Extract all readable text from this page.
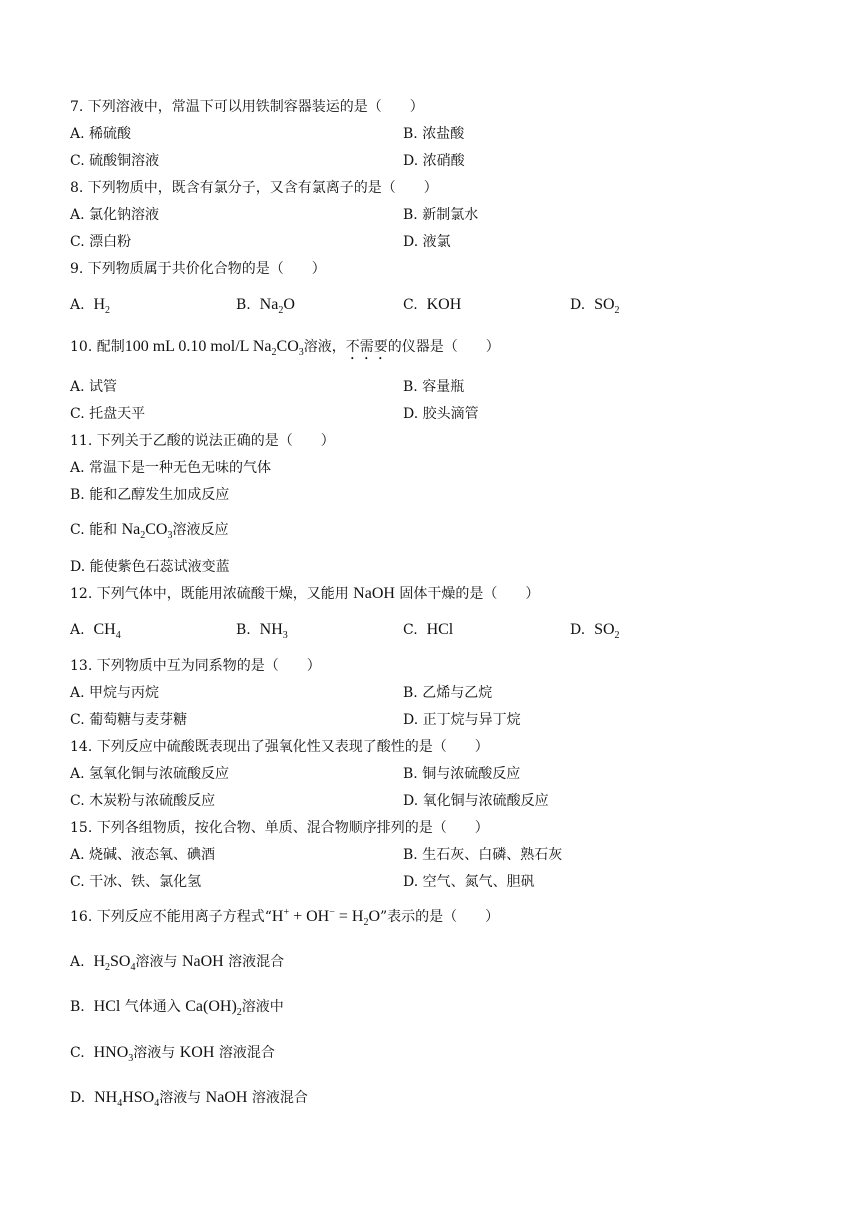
7. 下列溶液中，常温下可以用铁制容器装运的是（　　）
A. 稀硫酸	B. 浓盐酸
C. 硫酸铜溶液	D. 浓硝酸
8. 下列物质中，既含有氯分子，又含有氯离子的是（　　）
A. 氯化钠溶液	B. 新制氯水
C. 漂白粉	D. 液氯
9. 下列物质属于共价化合物的是（　　）
A. $H_2$	B. $Na_2O$	C. KOH	D. $SO_2$
10. 配制100 mL 0.10 mol/L $Na_2CO_3$溶液，不需要的仪器是（　　）
A. 试管	B. 容量瓶
C. 托盘天平	D. 胶头滴管
11. 下列关于乙酸的说法正确的是（　　）
A. 常温下是一种无色无味的气体
B. 能和乙醇发生加成反应
C. 能和 $Na_2CO_3$溶液反应
D. 能使紫色石蕊试液变蓝
12. 下列气体中，既能用浓硫酸干燥，又能用 NaOH 固体干燥的是（　　）
A. $CH_4$	B. $NH_3$	C. HCl	D. $SO_2$
13. 下列物质中互为同系物的是（　　）
A. 甲烷与丙烷	B. 乙烯与乙烷
C. 葡萄糖与麦芽糖	D. 正丁烷与异丁烷
14. 下列反应中硫酸既表现出了强氧化性又表现了酸性的是（　　）
A. 氢氧化铜与浓硫酸反应	B. 铜与浓硫酸反应
C. 木炭粉与浓硫酸反应	D. 氧化铜与浓硫酸反应
15. 下列各组物质，按化合物、单质、混合物顺序排列的是（　　）
A. 烧碱、液态氧、碘酒	B. 生石灰、白磷、熟石灰
C. 干冰、铁、氯化氢	D. 空气、氮气、胆矾
16. 下列反应不能用离子方程式“$H^+ + OH^- = H_2O$”表示的是（　　）
A. $H_2SO_4$溶液与 NaOH 溶液混合
B. HCl 气体通入 $Ca(OH)_2$溶液中
C. $HNO_3$溶液与 KOH 溶液混合
D. $NH_4HSO_4$溶液与 NaOH 溶液混合
